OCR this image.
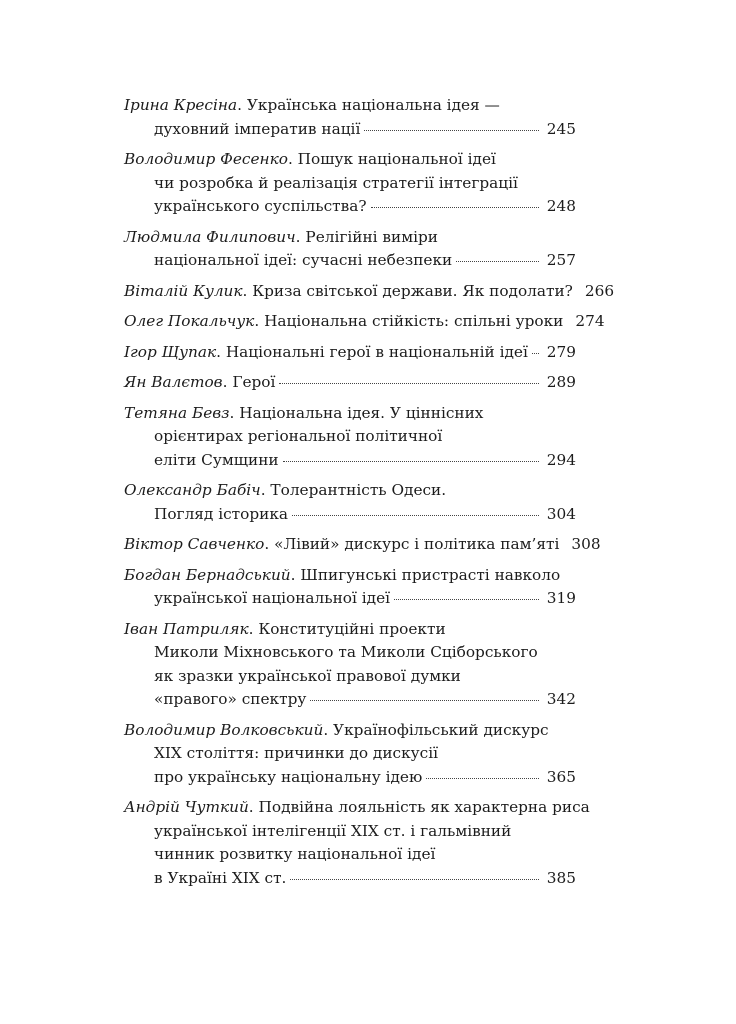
Ірина Кресіна. Українська національна ідея —
духовний імператив нації	245
Володимир Фесенко. Пошук національної ідеї
чи розробка й реалізація стратегії інтеграції
українського суспільства?	248
Людмила Филипович. Релігійні виміри
національної ідеї: сучасні небезпеки	257
Віталій Кулик. Криза світської держави. Як подолати? 266
Олег Покальчук. Національна стійкість: спільні уроки 274
Ігор Щупак. Національні герої в національній ідеї 279
Ян Валєтов. Герої	289
Тетяна Бевз. Національна ідея. У ціннісних
орієнтирах регіональної політичної
еліти Сумщини	294
Олександр Бабіч. Толерантність Одеси.
Погляд історика	304
Віктор Савченко. «Лівий» дискурс і політика пам’яті 308
Богдан Бернадський. Шпигунські пристрасті навколо
української національної ідеї	319
Іван Патриляк. Конституційні проекти
Миколи Міхновського та Миколи Сціборського
як зразки української правової думки
«правого» спектру	342
Володимир Волковський. Українофільський дискурс
ХІХ століття: причинки до дискусії
про українську національну ідею	365
Андрій Чуткий. Подвійна лояльність як характерна риса
української інтелігенції ХІХ ст. і гальмівний
чинник розвитку національної ідеї
в Україні ХІХ ст.	385
